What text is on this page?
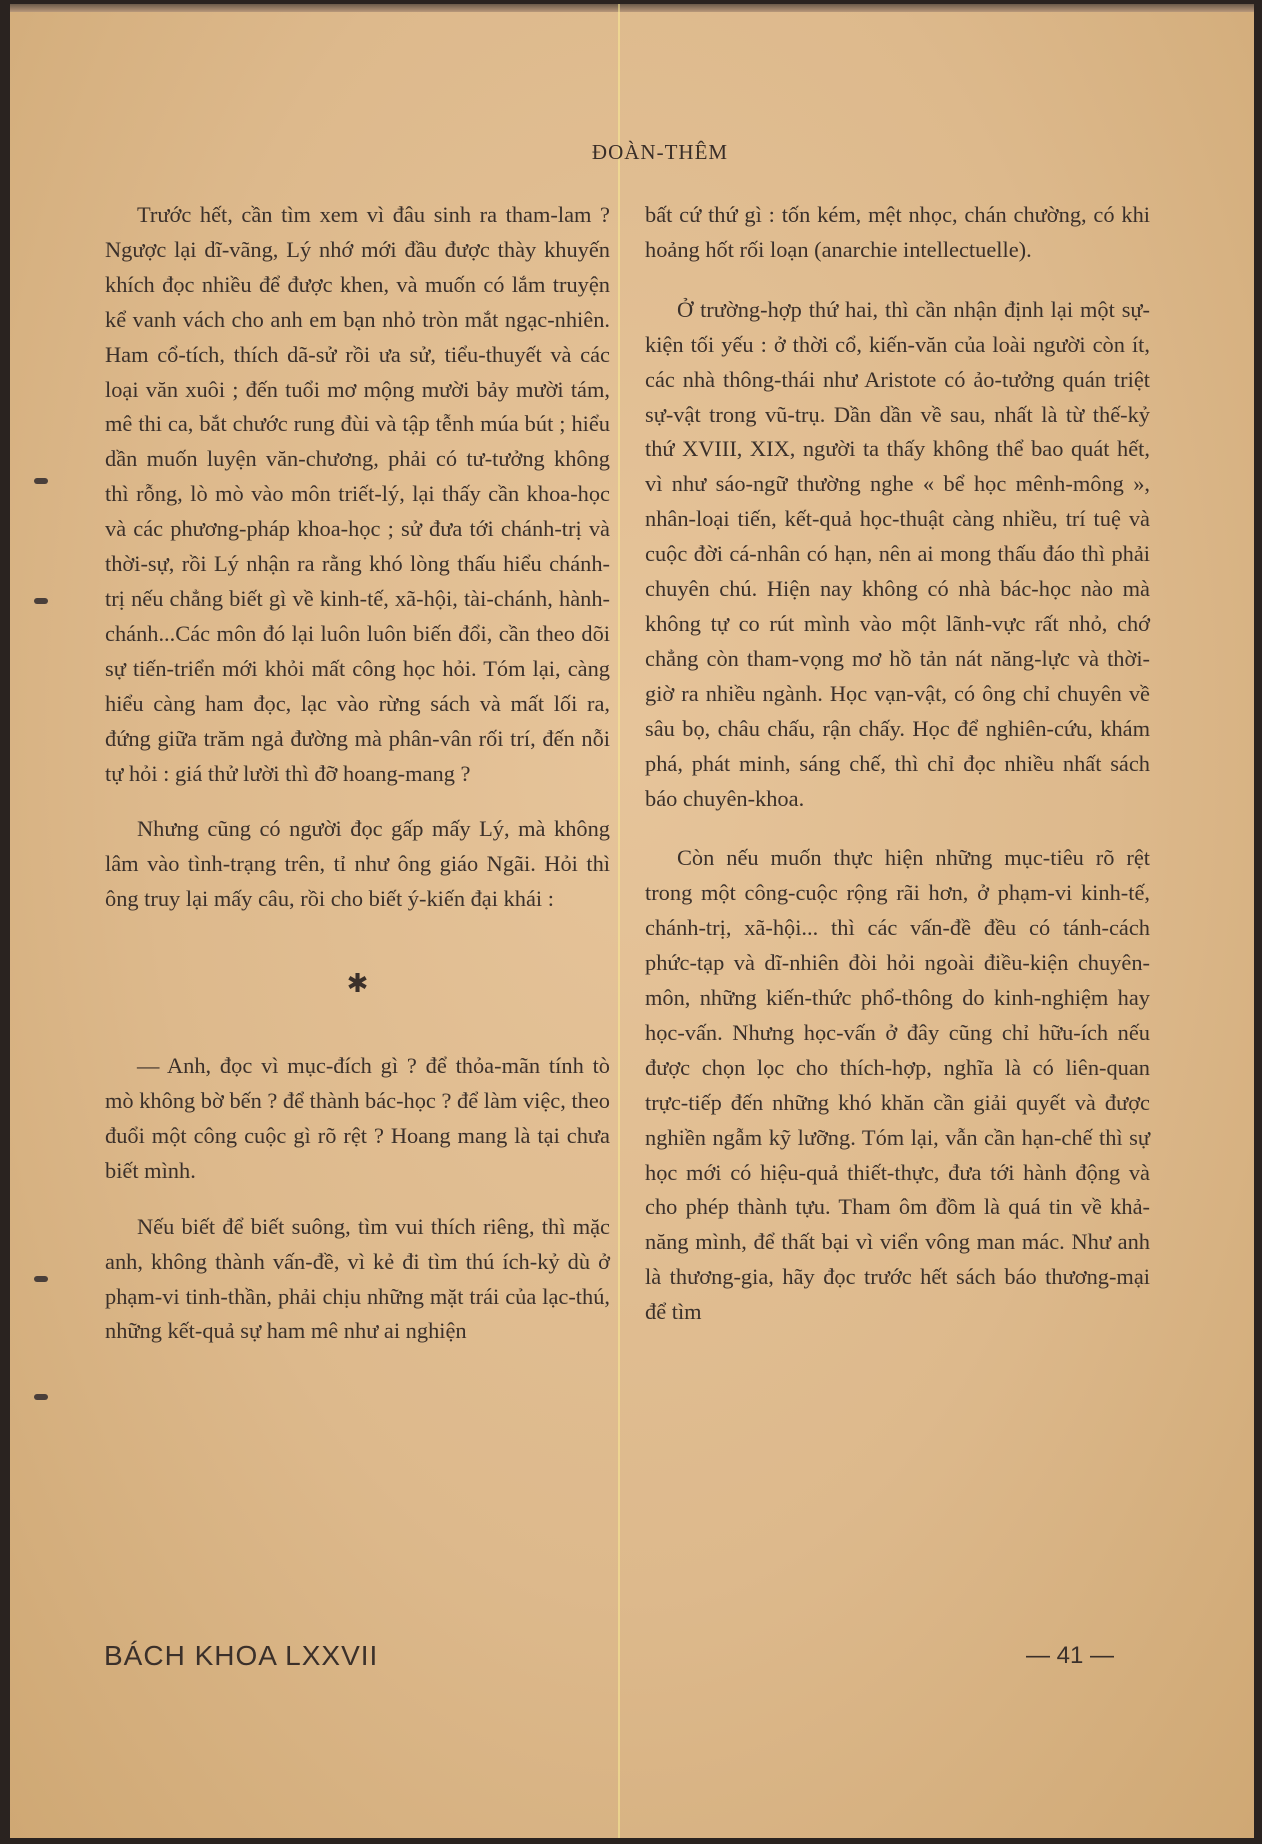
ĐOÀN-THÊM

Trước hết, cần tìm xem vì đâu sinh ra tham-lam ? Ngược lại dĩ-vãng, Lý nhớ mới đầu được thày khuyến khích đọc nhiều để được khen, và muốn có lắm truyện kể vanh vách cho anh em bạn nhỏ tròn mắt ngạc-nhiên. Ham cổ-tích, thích dã-sử rồi ưa sử, tiểu-thuyết và các loại văn xuôi ; đến tuổi mơ mộng mười bảy mười tám, mê thi ca, bắt chước rung đùi và tập tễnh múa bút ; hiểu dần muốn luyện văn-chương, phải có tư-tưởng không thì rỗng, lò mò vào môn triết-lý, lại thấy cần khoa-học và các phương-pháp khoa-học ; sử đưa tới chánh-trị và thời-sự, rồi Lý nhận ra rằng khó lòng thấu hiểu chánh-trị nếu chẳng biết gì về kinh-tế, xã-hội, tài-chánh, hành-chánh...Các môn đó lại luôn luôn biến đổi, cần theo dõi sự tiến-triển mới khỏi mất công học hỏi. Tóm lại, càng hiểu càng ham đọc, lạc vào rừng sách và mất lối ra, đứng giữa trăm ngả đường mà phân-vân rối trí, đến nỗi tự hỏi : giá thử lười thì đỡ hoang-mang ?

Nhưng cũng có người đọc gấp mấy Lý, mà không lâm vào tình-trạng trên, tỉ như ông giáo Ngãi. Hỏi thì ông truy lại mấy câu, rồi cho biết ý-kiến đại khái :

✱

— Anh, đọc vì mục-đích gì ? để thỏa-mãn tính tò mò không bờ bến ? để thành bác-học ? để làm việc, theo đuổi một công cuộc gì rõ rệt ? Hoang mang là tại chưa biết mình.

Nếu biết để biết suông, tìm vui thích riêng, thì mặc anh, không thành vấn-đề, vì kẻ đi tìm thú ích-kỷ dù ở phạm-vi tinh-thần, phải chịu những mặt trái của lạc-thú, những kết-quả sự ham mê như ai nghiện

bất cứ thứ gì : tốn kém, mệt nhọc, chán chường, có khi hoảng hốt rối loạn (anarchie intellectuelle).

Ở trường-hợp thứ hai, thì cần nhận định lại một sự-kiện tối yếu : ở thời cổ, kiến-văn của loài người còn ít, các nhà thông-thái như Aristote có ảo-tưởng quán triệt sự-vật trong vũ-trụ. Dần dần về sau, nhất là từ thế-kỷ thứ XVIII, XIX, người ta thấy không thể bao quát hết, vì như sáo-ngữ thường nghe « bể học mênh-mông », nhân-loại tiến, kết-quả học-thuật càng nhiều, trí tuệ và cuộc đời cá-nhân có hạn, nên ai mong thấu đáo thì phải chuyên chú. Hiện nay không có nhà bác-học nào mà không tự co rút mình vào một lãnh-vực rất nhỏ, chớ chẳng còn tham-vọng mơ hồ tản nát năng-lực và thời-giờ ra nhiều ngành. Học vạn-vật, có ông chỉ chuyên về sâu bọ, châu chấu, rận chấy. Học để nghiên-cứu, khám phá, phát minh, sáng chế, thì chỉ đọc nhiều nhất sách báo chuyên-khoa.

Còn nếu muốn thực hiện những mục-tiêu rõ rệt trong một công-cuộc rộng rãi hơn, ở phạm-vi kinh-tế, chánh-trị, xã-hội... thì các vấn-đề đều có tánh-cách phức-tạp và dĩ-nhiên đòi hỏi ngoài điều-kiện chuyên-môn, những kiến-thức phổ-thông do kinh-nghiệm hay học-vấn. Nhưng học-vấn ở đây cũng chỉ hữu-ích nếu được chọn lọc cho thích-hợp, nghĩa là có liên-quan trực-tiếp đến những khó khăn cần giải quyết và được nghiền ngẫm kỹ lưỡng. Tóm lại, vẫn cần hạn-chế thì sự học mới có hiệu-quả thiết-thực, đưa tới hành động và cho phép thành tựu. Tham ôm đồm là quá tin về khả-năng mình, để thất bại vì viển vông man mác. Như anh là thương-gia, hãy đọc trước hết sách báo thương-mại để tìm

BÁCH KHOA LXXVII	— 41 —
